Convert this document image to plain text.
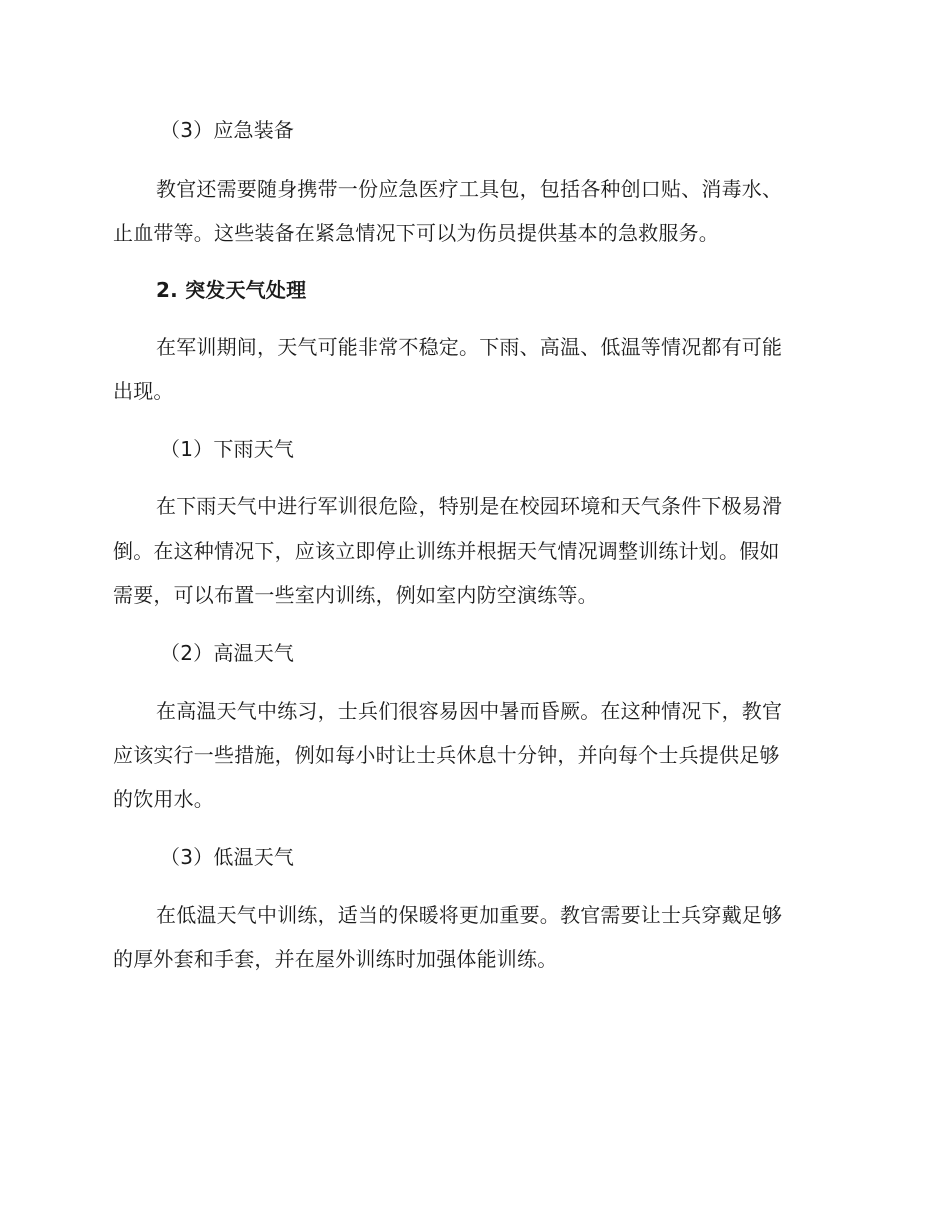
（3）应急装备
教官还需要随身携带一份应急医疗工具包，包括各种创口贴、消毒水、
止血带等。这些装备在紧急情况下可以为伤员提供基本的急救服务。
2. 突发天气处理
在军训期间，天气可能非常不稳定。下雨、高温、低温等情况都有可能
出现。
（1）下雨天气
在下雨天气中进行军训很危险，特别是在校园环境和天气条件下极易滑
倒。在这种情况下，应该立即停止训练并根据天气情况调整训练计划。假如
需要，可以布置一些室内训练，例如室内防空演练等。
（2）高温天气
在高温天气中练习，士兵们很容易因中暑而昏厥。在这种情况下，教官
应该实行一些措施，例如每小时让士兵休息十分钟，并向每个士兵提供足够
的饮用水。
（3）低温天气
在低温天气中训练，适当的保暖将更加重要。教官需要让士兵穿戴足够
的厚外套和手套，并在屋外训练时加强体能训练。
